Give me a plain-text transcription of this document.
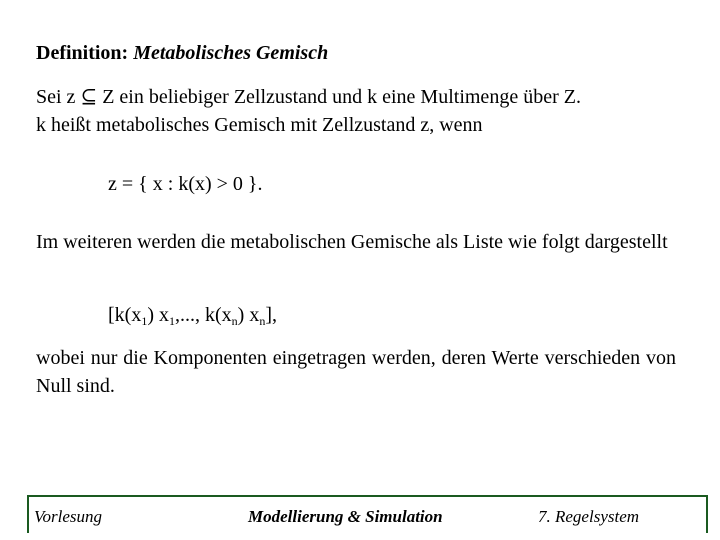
Definition: Metabolisches Gemisch
Sei z ⊆ Z ein beliebiger Zellzustand und k eine Multimenge über Z.
k heißt metabolisches Gemisch mit Zellzustand z, wenn
z = { x : k(x) > 0 }.
Im weiteren werden die metabolischen Gemische als Liste wie folgt dargestellt
[$k(x_1)$ $x_1$,..., $k(x_n)$ $x_n$],
wobei nur die Komponenten eingetragen werden, deren Werte verschieden von Null sind.
Vorlesung	Modellierung & Simulation	7. Regelsystem
